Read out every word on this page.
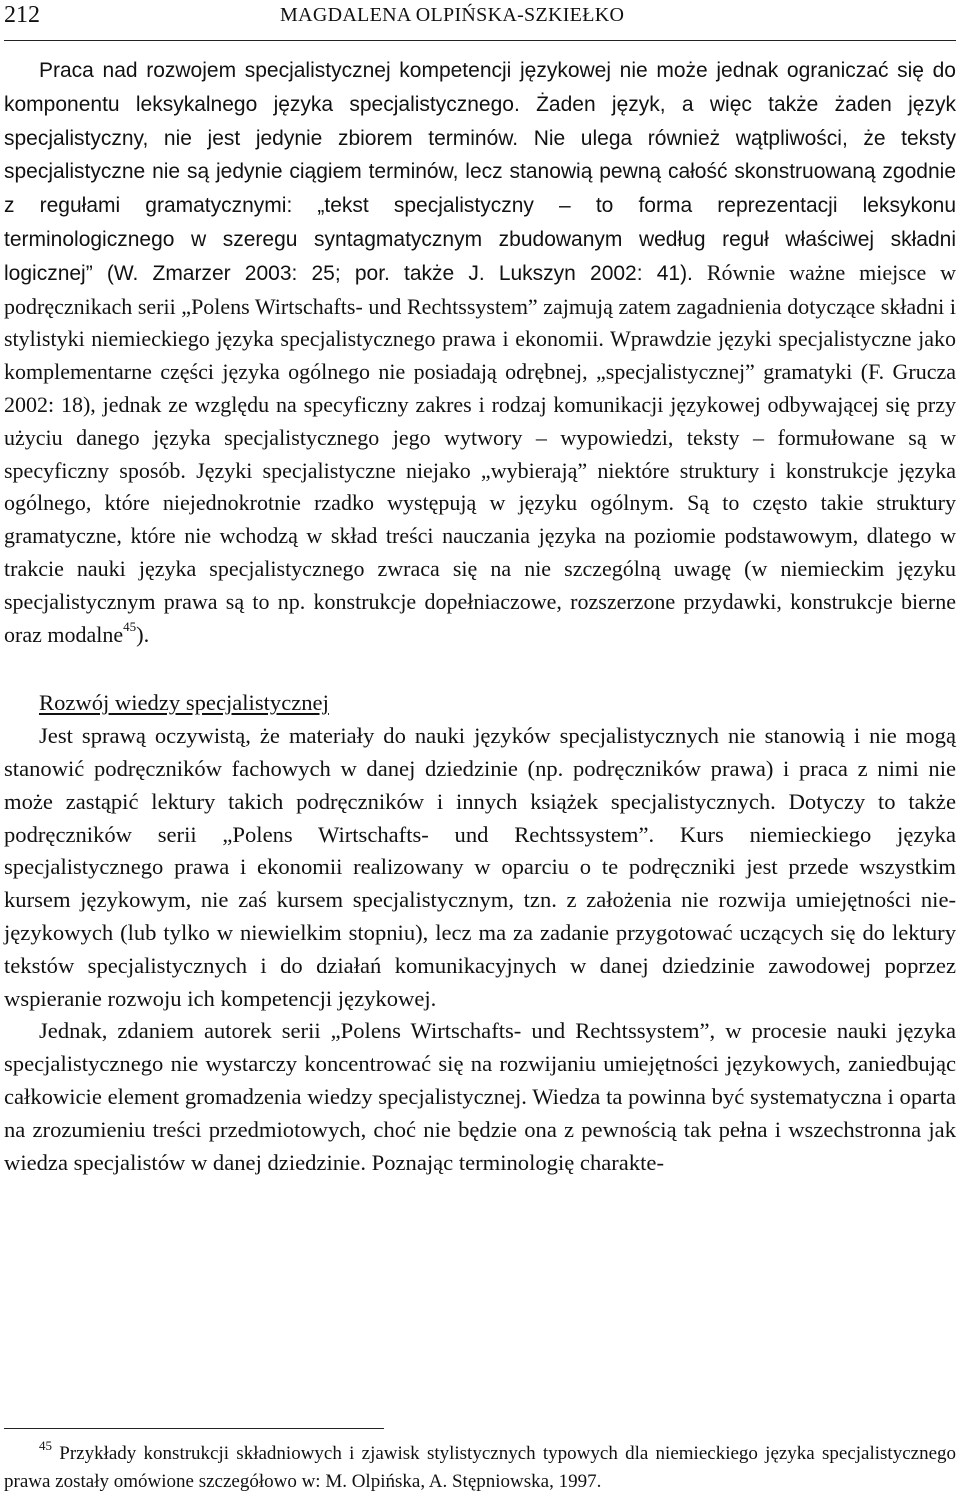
212	MAGDALENA OLPIŃSKA-SZKIEŁKO

Praca nad rozwojem specjalistycznej kompetencji językowej nie może jednak ograniczać się do komponentu leksykalnego języka specjalistycznego. Żaden język, a więc także żaden język specjalistyczny, nie jest jedynie zbiorem terminów. Nie ulega również wątpliwości, że teksty specjalistyczne nie są jedynie ciągiem terminów, lecz stanowią pewną całość skonstruowaną zgodnie z regułami gramatycznymi: „tekst specjalistyczny – to forma reprezentacji leksykonu terminologicznego w szeregu syntagmatycznym zbudowanym według reguł właściwej składni logicznej” (W. Zmarzer 2003: 25; por. także J. Lukszyn 2002: 41). Równie ważne miejsce w podręcznikach serii „Polens Wirtschafts- und Rechtssystem” zajmują zatem zagadnienia dotyczące składni i stylistyki niemieckiego języka specjalistycznego prawa i ekonomii. Wprawdzie języki specjalistyczne jako komplementarne części języka ogólnego nie posiadają odrębnej, „specjalistycznej” gramatyki (F. Grucza 2002: 18), jednak ze względu na specyficzny zakres i rodzaj komunikacji językowej odbywającej się przy użyciu danego języka specjalistycznego jego wytwory – wypowiedzi, teksty – formułowane są w specyficzny sposób. Języki specjalistyczne niejako „wybierają” niektóre struktury i konstrukcje języka ogólnego, które niejednokrotnie rzadko występują w języku ogólnym. Są to często takie struktury gramatyczne, które nie wchodzą w skład treści nauczania języka na poziomie podstawowym, dlatego w trakcie nauki języka specjalistycznego zwraca się na nie szczególną uwagę (w niemieckim języku specjalistycznym prawa są to np. konstrukcje dopełniaczowe, rozszerzone przydawki, konstrukcje bierne oraz modalne$^{45}$).

Rozwój wiedzy specjalistycznej

Jest sprawą oczywistą, że materiały do nauki języków specjalistycznych nie stanowią i nie mogą stanowić podręczników fachowych w danej dziedzinie (np. podręczników prawa) i praca z nimi nie może zastąpić lektury takich podręczników i innych książek specjalistycznych. Dotyczy to także podręczników serii „Polens Wirtschafts- und Rechtssystem”. Kurs niemieckiego języka specjalistycznego prawa i ekonomii realizowany w oparciu o te podręczniki jest przede wszystkim kursem językowym, nie zaś kursem specjalistycznym, tzn. z założenia nie rozwija umiejętności nie-językowych (lub tylko w niewielkim stopniu), lecz ma za zadanie przygotować uczących się do lektury tekstów specjalistycznych i do działań komunikacyjnych w danej dziedzinie zawodowej poprzez wspieranie rozwoju ich kompetencji językowej.

Jednak, zdaniem autorek serii „Polens Wirtschafts- und Rechtssystem”, w procesie nauki języka specjalistycznego nie wystarczy koncentrować się na rozwijaniu umiejętności językowych, zaniedbując całkowicie element gromadzenia wiedzy specjalistycznej. Wiedza ta powinna być systematyczna i oparta na zrozumieniu treści przedmiotowych, choć nie będzie ona z pewnością tak pełna i wszechstronna jak wiedza specjalistów w danej dziedzinie. Poznając terminologię charakte-

$^{45}$ Przykłady konstrukcji składniowych i zjawisk stylistycznych typowych dla niemieckiego języka specjalistycznego prawa zostały omówione szczegółowo w: M. Olpińska, A. Stępniowska, 1997.
